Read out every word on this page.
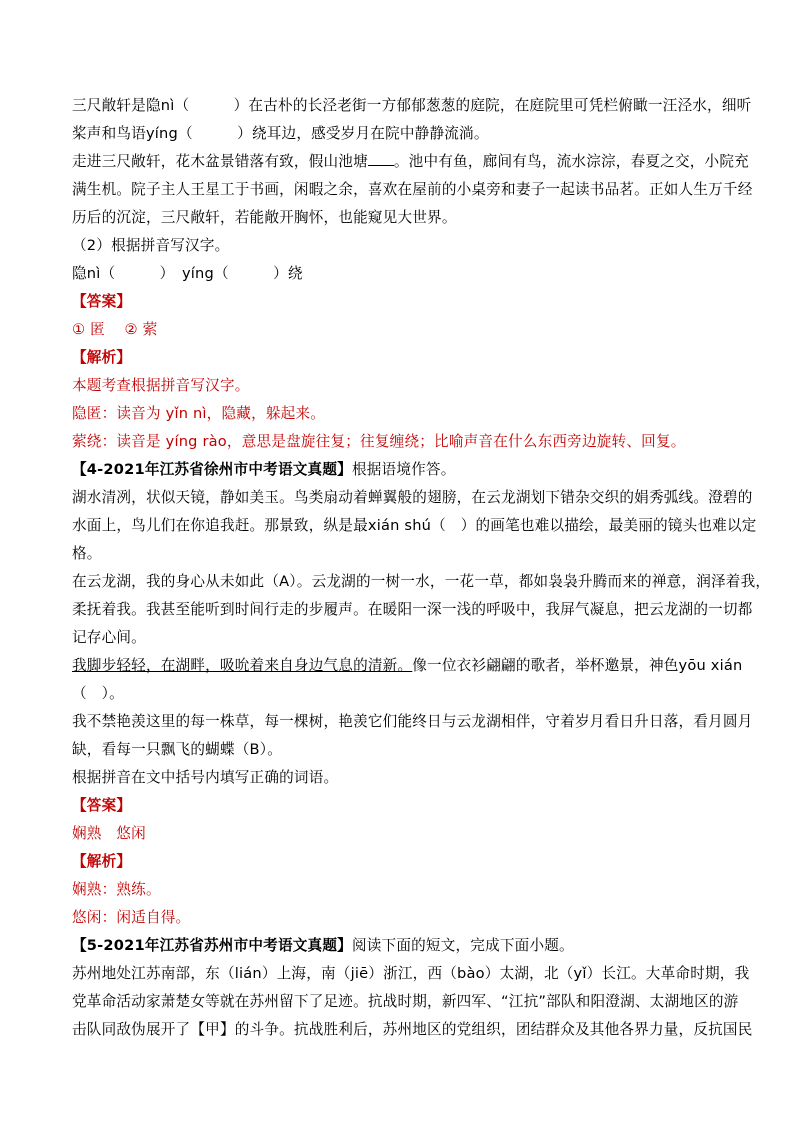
三尺敞轩是隐nì（　　　）在古朴的长泾老街一方郁郁葱葱的庭院，在庭院里可凭栏俯瞰一汪泾水，细听
桨声和鸟语yíng（　　　）绕耳边，感受岁月在院中静静流淌。
走进三尺敞轩，花木盆景错落有致，假山池塘 。池中有鱼，廊间有鸟，流水淙淙，春夏之交，小院充
满生机。院子主人王星工于书画，闲暇之余，喜欢在屋前的小桌旁和妻子一起读书品茗。正如人生万千经
历后的沉淀，三尺敞轩，若能敞开胸怀，也能窥见大世界。
（2）根据拼音写汉字。
隐nì（　　　）　yíng（　　　）绕
【答案】
① 匿　 ② 萦
【解析】
本题考查根据拼音写汉字。
隐匿：读音为 yǐn nì，隐藏，躲起来。
萦绕：读音是 yíng rào，意思是盘旋往复；往复缠绕；比喻声音在什么东西旁边旋转、回复。
【4-2021年江苏省徐州市中考语文真题】根据语境作答。
湖水清冽，状似天镜，静如美玉。鸟类扇动着蝉翼般的翅膀，在云龙湖划下错杂交织的娟秀弧线。澄碧的
水面上，鸟儿们在你追我赶。那景致，纵是最xián shú（　）的画笔也难以描绘，最美丽的镜头也难以定
格。
在云龙湖，我的身心从未如此（A）。云龙湖的一树一水，一花一草，都如袅袅升腾而来的禅意，润泽着我，
柔抚着我。我甚至能听到时间行走的步履声。在暖阳一深一浅的呼吸中，我屏气凝息，把云龙湖的一切都
记存心间。
我脚步轻轻，在湖畔，吸吮着来自身边气息的清新。像一位衣衫翩翩的歌者，举杯邀景，神色yōu xián
（　）。
我不禁艳羡这里的每一株草，每一棵树，艳羡它们能终日与云龙湖相伴，守着岁月看日升日落，看月圆月
缺，看每一只飘飞的蝴蝶（B）。
根据拼音在文中括号内填写正确的词语。
【答案】
娴熟　悠闲
【解析】
娴熟：熟练。
悠闲：闲适自得。
【5-2021年江苏省苏州市中考语文真题】阅读下面的短文，完成下面小题。
苏州地处江苏南部，东（lián）上海，南（jiē）浙江，西（bào）太湖，北（yǐ）长江。大革命时期，我
党革命活动家萧楚女等就在苏州留下了足迹。抗战时期，新四军、“江抗”部队和阳澄湖、太湖地区的游
击队同敌伪展开了【甲】的斗争。抗战胜利后，苏州地区的党组织，团结群众及其他各界力量，反抗国民
